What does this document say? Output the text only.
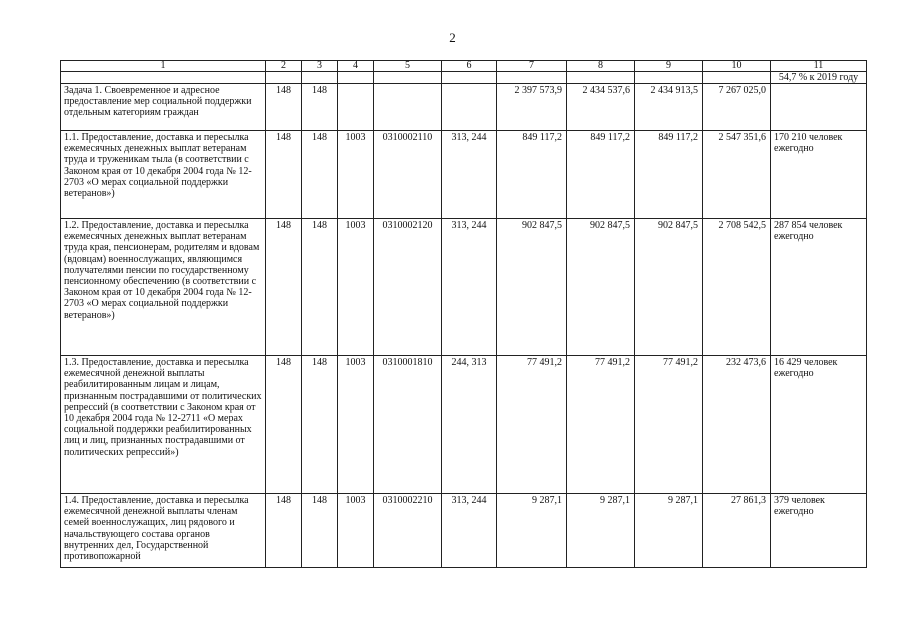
2
1	2	3	4	5	6	7	8	9	10	11
										54,7 % к 2019 году
Задача 1. Своевременное и адресное предоставление мер социальной поддержки отдельным категориям граждан	148	148				2 397 573,9	2 434 537,6	2 434 913,5	7 267 025,0	
1.1. Предоставление, доставка и пересылка ежемесячных денежных выплат ветеранам труда и труженикам тыла (в соответствии с Законом края от 10 декабря 2004 года № 12-2703 «О мерах социальной поддержки ветеранов»)	148	148	1003	0310002110	313, 244	849 117,2	849 117,2	849 117,2	2 547 351,6	170 210 человек ежегодно
1.2. Предоставление, доставка и пересылка ежемесячных денежных выплат ветеранам труда края, пенсионерам, родителям и вдовам (вдовцам) военнослужащих, являющимся получателями пенсии по государственному пенсионному обеспечению (в соответствии с Законом края от 10 декабря 2004 года № 12-2703 «О мерах социальной поддержки ветеранов»)	148	148	1003	0310002120	313, 244	902 847,5	902 847,5	902 847,5	2 708 542,5	287 854 человек ежегодно
1.3. Предоставление, доставка и пересылка ежемесячной денежной выплаты реабилитированным лицам и лицам, признанным пострадавшими от политических репрессий (в соответствии с Законом края от 10 декабря 2004 года № 12-2711 «О мерах социальной поддержки реабилитированных лиц и лиц, признанных пострадавшими от политических репрессий»)	148	148	1003	0310001810	244, 313	77 491,2	77 491,2	77 491,2	232 473,6	16 429 человек ежегодно
1.4. Предоставление, доставка и пересылка ежемесячной денежной выплаты членам семей военнослужащих, лиц рядового и начальствующего состава органов внутренних дел, Государственной противопожарной	148	148	1003	0310002210	313, 244	9 287,1	9 287,1	9 287,1	27 861,3	379 человек ежегодно
